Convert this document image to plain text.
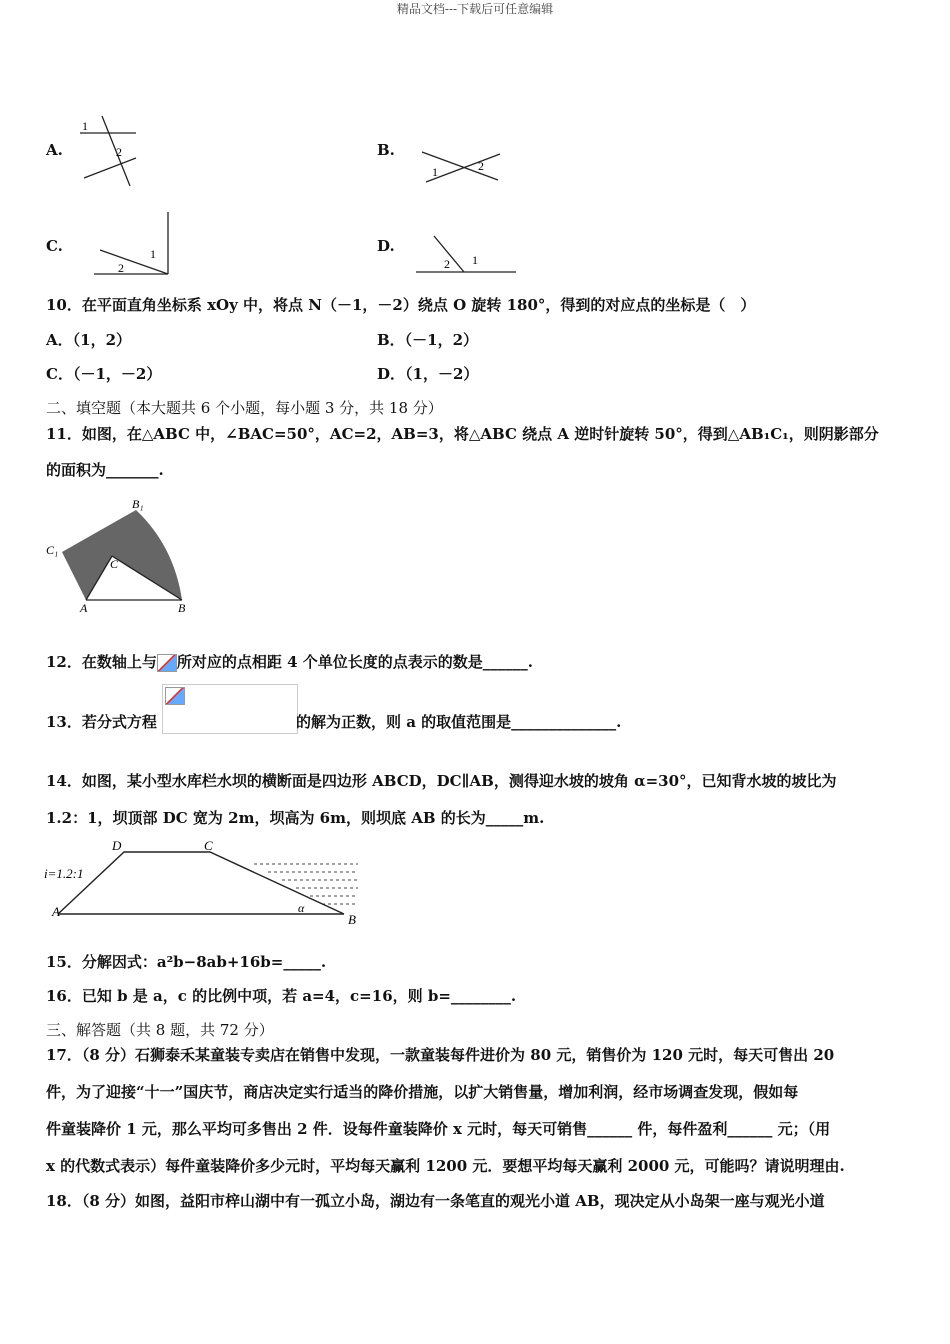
精品文档---下载后可任意编辑
A.
1
2	B.
1	2
C.	1
2
D.
2 1
10．在平面直角坐标系 xOy 中，将点 N（－1，－2）绕点 O 旋转 180°，得到的对应点的坐标是（　）
A．（1，2）	B．（－1，2）
C．（－1，－2）	D．（1，－2）
二、填空题（本大题共 6 个小题，每小题 3 分，共 18 分）
11．如图，在△ABC 中，∠BAC=50°，AC=2，AB=3，将△ABC 绕点 A 逆时针旋转 50°，得到△AB₁C₁，则阴影部分
的面积为_______.
B₁
C₁
C
A	B
12．在数轴上与 所对应的点相距 4 个单位长度的点表示的数是______.
13．若分式方程	的解为正数，则 a 的取值范围是______________.
14．如图，某小型水库栏水坝的横断面是四边形 ABCD，DC∥AB，测得迎水坡的坡角 α=30°，已知背水坡的坡比为
1.2：1，坝顶部 DC 宽为 2m，坝高为 6m，则坝底 AB 的长为_____m.
D	C
A
B
i=1.2:1
α
15．分解因式：a²b−8ab+16b=_____.
16．已知 b 是 a，c 的比例中项，若 a=4，c=16，则 b=________.
三、解答题（共 8 题，共 72 分）
17．（8 分）石狮泰禾某童装专卖店在销售中发现，一款童装每件进价为 80 元，销售价为 120 元时，每天可售出 20
件，为了迎接“十一”国庆节，商店决定实行适当的降价措施，以扩大销售量，增加利润，经市场调查发现，假如每
件童装降价 1 元，那么平均可多售出 2 件．设每件童装降价 x 元时，每天可销售______ 件，每件盈利______ 元；（用
x 的代数式表示）每件童装降价多少元时，平均每天赢利 1200 元．要想平均每天赢利 2000 元，可能吗？请说明理由.
18．（8 分）如图，益阳市梓山湖中有一孤立小岛，湖边有一条笔直的观光小道 AB，现决定从小岛架一座与观光小道
